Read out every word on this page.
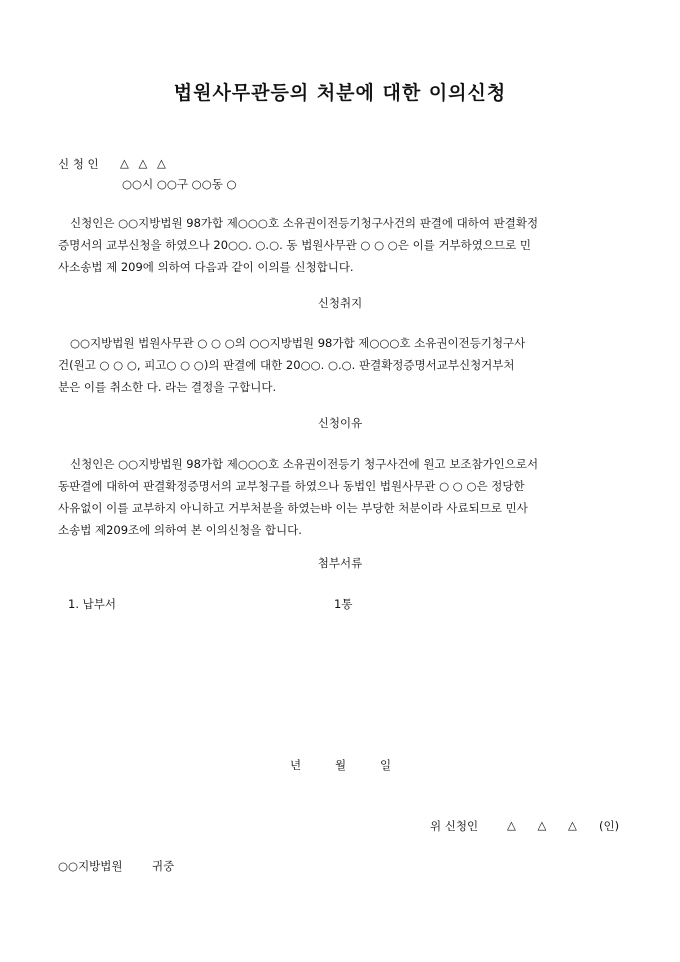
법원사무관등의 처분에 대한 이의신청
신 청 인 △ △ △
○○시 ○○구 ○○동 ○
신청인은 ○○지방법원 98가합 제○○○호 소유권이전등기청구사건의 판결에 대하여 판결확정
증명서의 교부신청을 하였으나 20○○. ○.○. 동 법원사무관 ○ ○ ○은 이를 거부하였으므로 민
사소송법 제 209에 의하여 다음과 같이 이의를 신청합니다.
신청취지
○○지방법원 법원사무관 ○ ○ ○의 ○○지방법원 98가합 제○○○호 소유권이전등기청구사
건(원고 ○ ○ ○, 피고○ ○ ○)의 판결에 대한 20○○. ○.○. 판결확정증명서교부신청거부처
분은 이를 취소한 다. 라는 결정을 구합니다.
신청이유
신청인은 ○○지방법원 98가합 제○○○호 소유권이전등기 청구사건에 원고 보조참가인으로서
동판결에 대하여 판결확정증명서의 교부청구를 하였으나 동법인 법원사무관 ○ ○ ○은 정당한
사유없이 이를 교부하지 아니하고 거부처분을 하였는바 이는 부당한 처분이라 사료되므로 민사
소송법 제209조에 의하여 본 이의신청을 합니다.
첨부서류
1. 납부서	1통
년	월	일
위 신청인	△ △ △ (인)
○○지방법원	귀중
